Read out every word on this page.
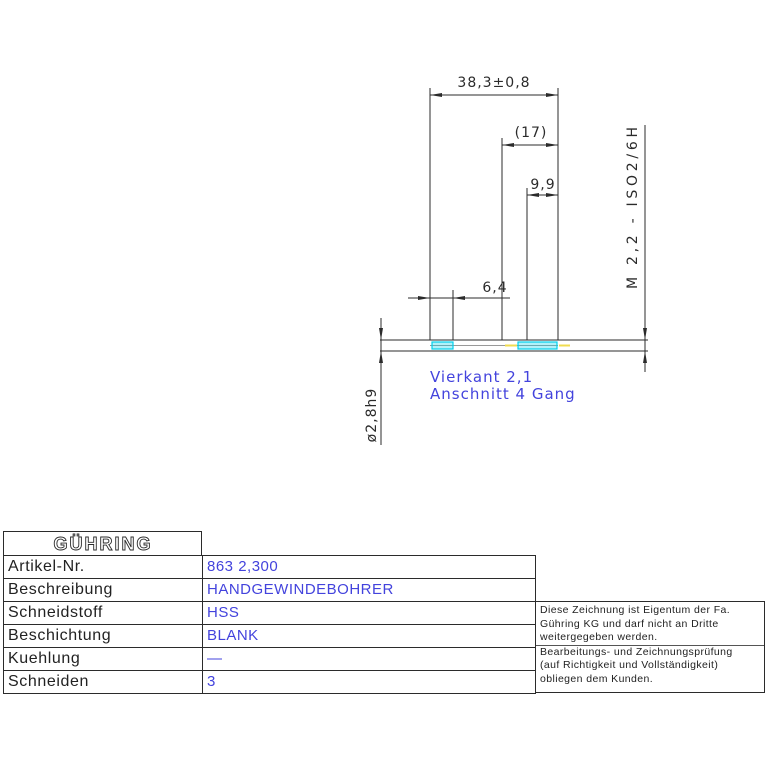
38,3±0,8
(17)
9,9
6,4	M 2,2 - ISO2/6H
ø2,8h9
Vierkant 2,1
Anschnitt 4 Gang
GÜHRING
Artikel-Nr.	863 2,300
Beschreibung	HANDGEWINDEBOHRER
Schneidstoff	HSS
Beschichtung	BLANK
Kuehlung	—
Schneiden	3
Diese Zeichnung ist Eigentum der Fa.
Gühring KG und darf nicht an Dritte
weitergegeben werden.
Bearbeitungs- und Zeichnungsprüfung
(auf Richtigkeit und Vollständigkeit)
obliegen dem Kunden.
